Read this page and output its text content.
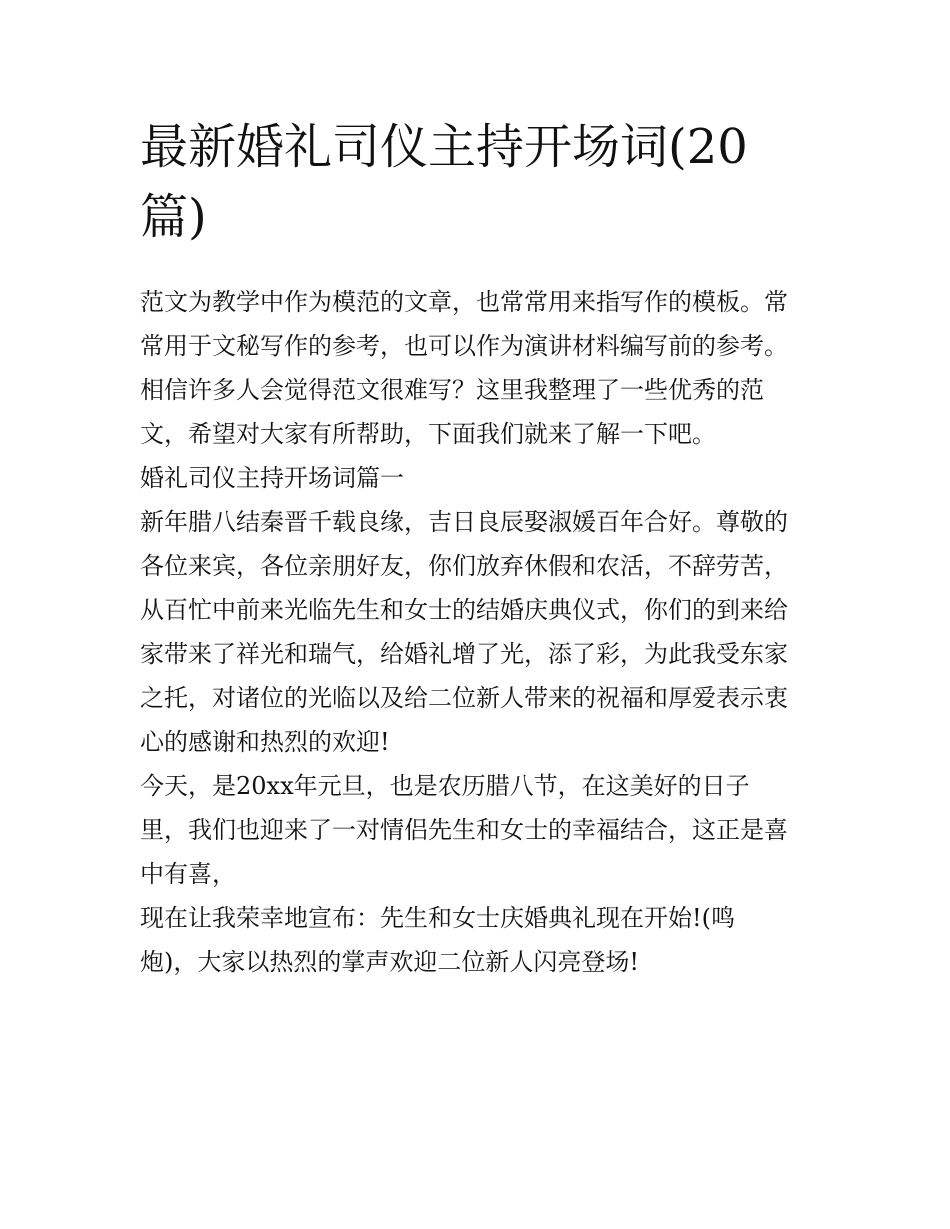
最新婚礼司仪主持开场词(20
篇)

范文为教学中作为模范的文章，也常常用来指写作的模板。常

常用于文秘写作的参考，也可以作为演讲材料编写前的参考。

相信许多人会觉得范文很难写？这里我整理了一些优秀的范

文，希望对大家有所帮助，下面我们就来了解一下吧。

婚礼司仪主持开场词篇一

新年腊八结秦晋千载良缘，吉日良辰娶淑媛百年合好。尊敬的

各位来宾，各位亲朋好友，你们放弃休假和农活，不辞劳苦，

从百忙中前来光临先生和女士的结婚庆典仪式，你们的到来给

家带来了祥光和瑞气，给婚礼增了光，添了彩，为此我受东家

之托，对诸位的光临以及给二位新人带来的祝福和厚爱表示衷

心的感谢和热烈的欢迎!

今天，是20xx年元旦，也是农历腊八节，在这美好的日子

里，我们也迎来了一对情侣先生和女士的幸福结合，这正是喜

中有喜，

现在让我荣幸地宣布：先生和女士庆婚典礼现在开始!(鸣

炮)，大家以热烈的掌声欢迎二位新人闪亮登场!
